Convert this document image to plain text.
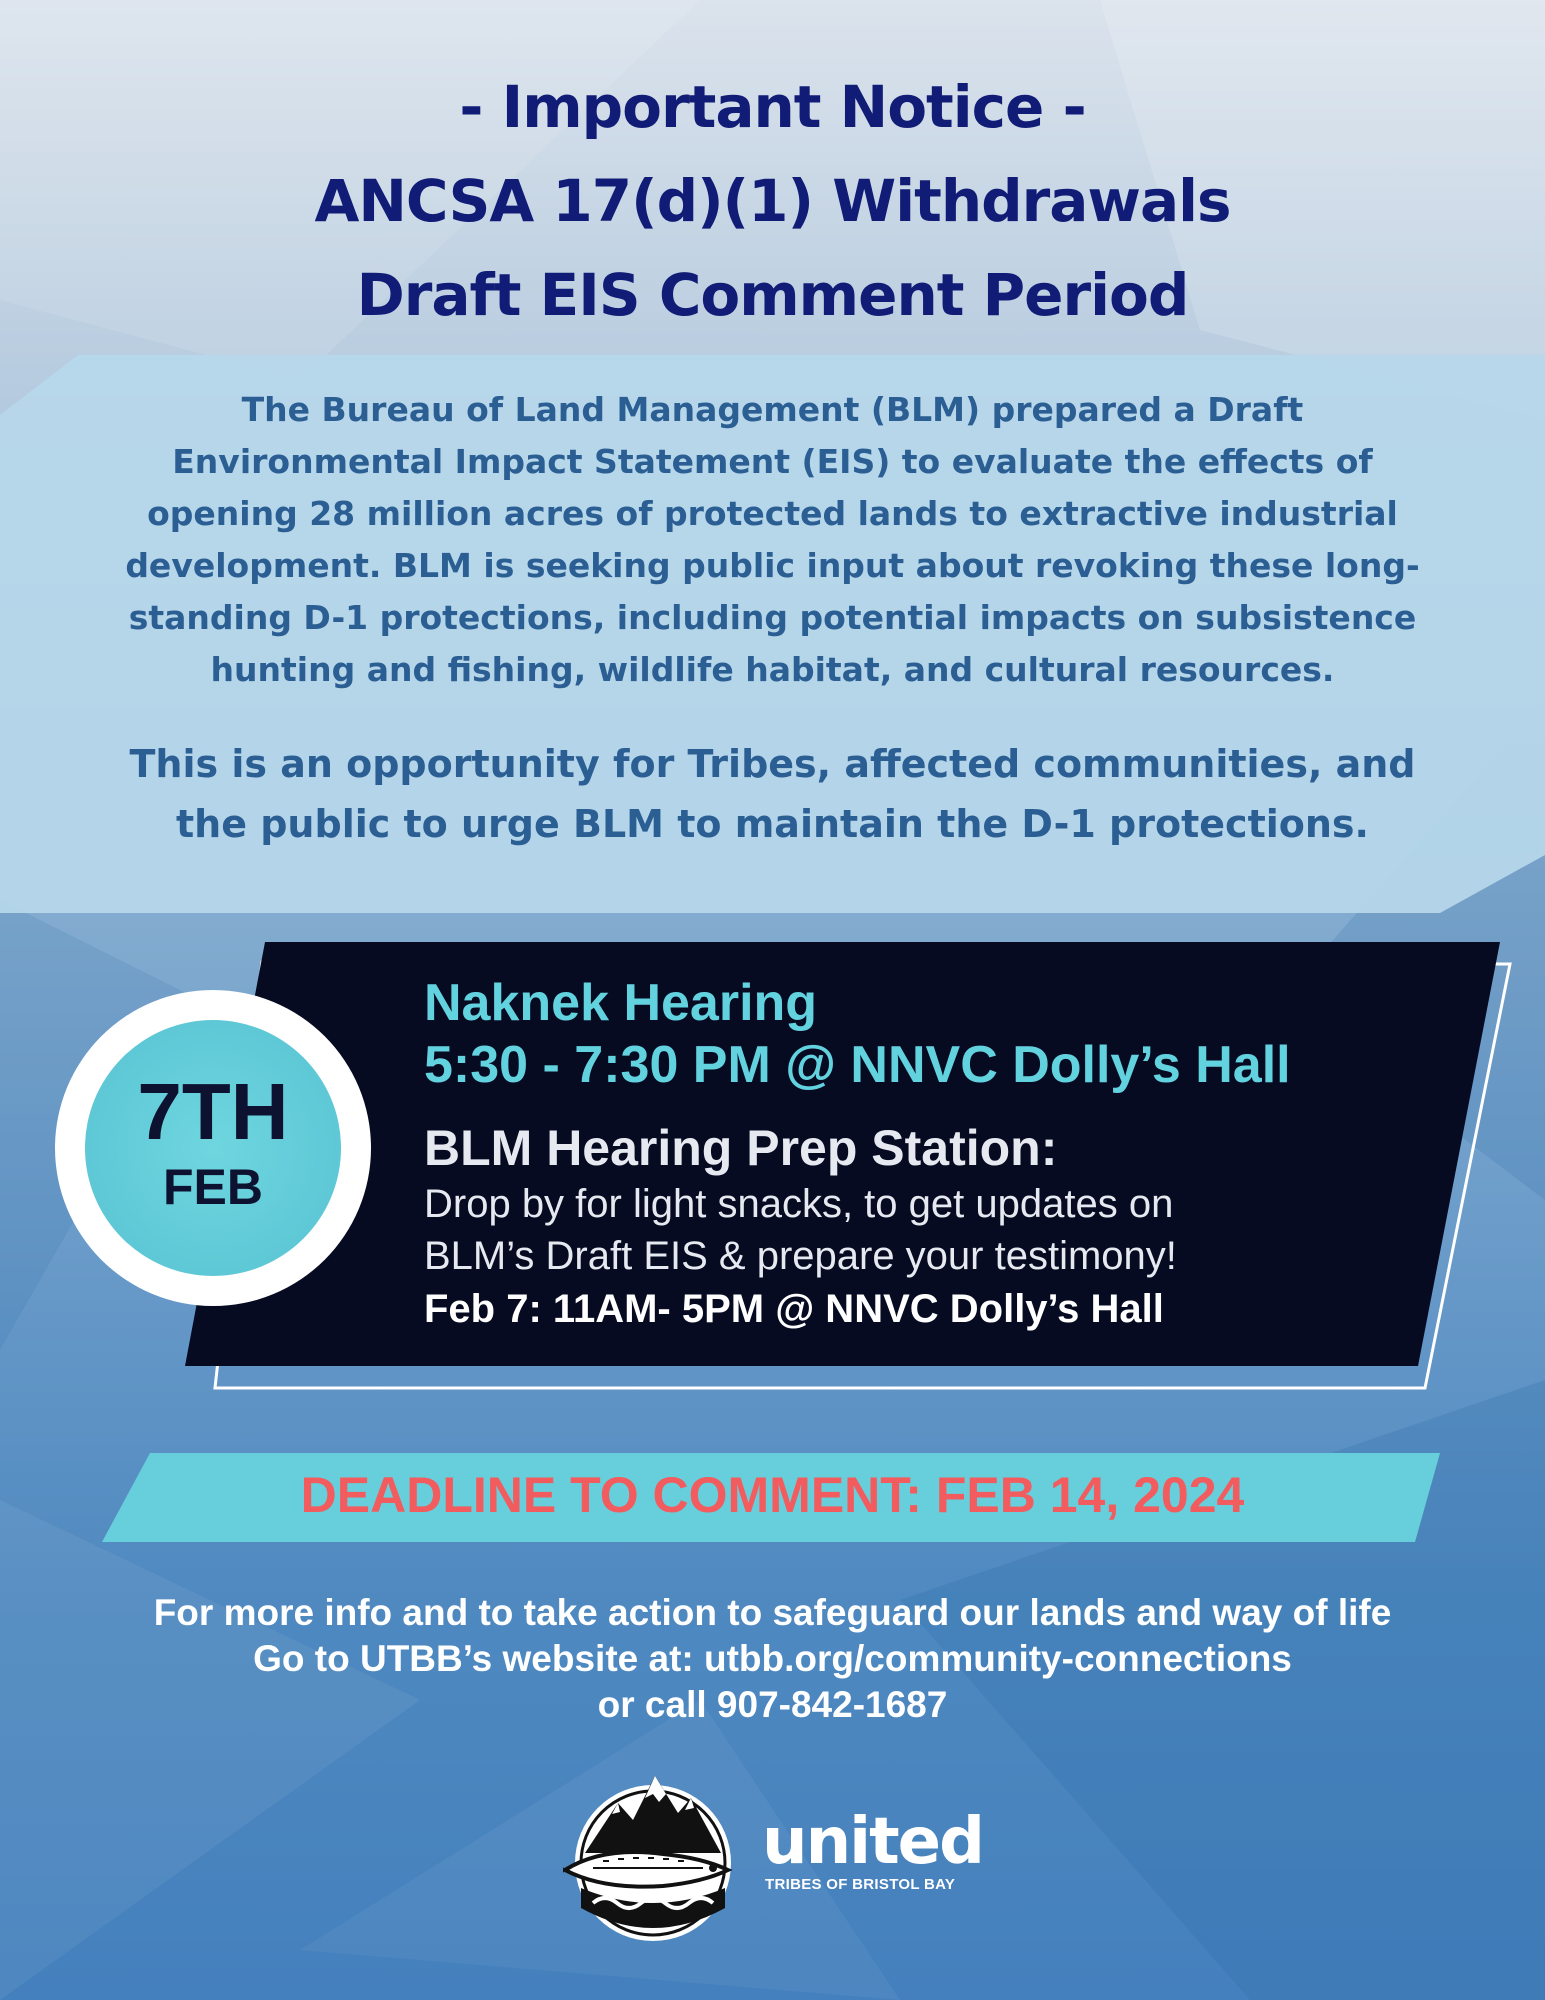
- Important Notice -
ANCSA 17(d)(1) Withdrawals
Draft EIS Comment Period

The Bureau of Land Management (BLM) prepared a Draft
Environmental Impact Statement (EIS) to evaluate the effects of
opening 28 million acres of protected lands to extractive industrial
development. BLM is seeking public input about revoking these long-
standing D-1 protections, including potential impacts on subsistence
hunting and fishing, wildlife habitat, and cultural resources.

This is an opportunity for Tribes, affected communities, and
the public to urge BLM to maintain the D-1 protections.

7TH
FEB
Naknek Hearing
5:30 - 7:30 PM @ NNVC Dolly’s Hall
BLM Hearing Prep Station:
Drop by for light snacks, to get updates on
BLM’s Draft EIS & prepare your testimony!
Feb 7: 11AM- 5PM @ NNVC Dolly’s Hall
DEADLINE TO COMMENT: FEB 14, 2024
For more info and to take action to safeguard our lands and way of life
Go to UTBB’s website at: utbb.org/community-connections
or call 907-842-1687
united
TRIBES OF BRISTOL BAY
